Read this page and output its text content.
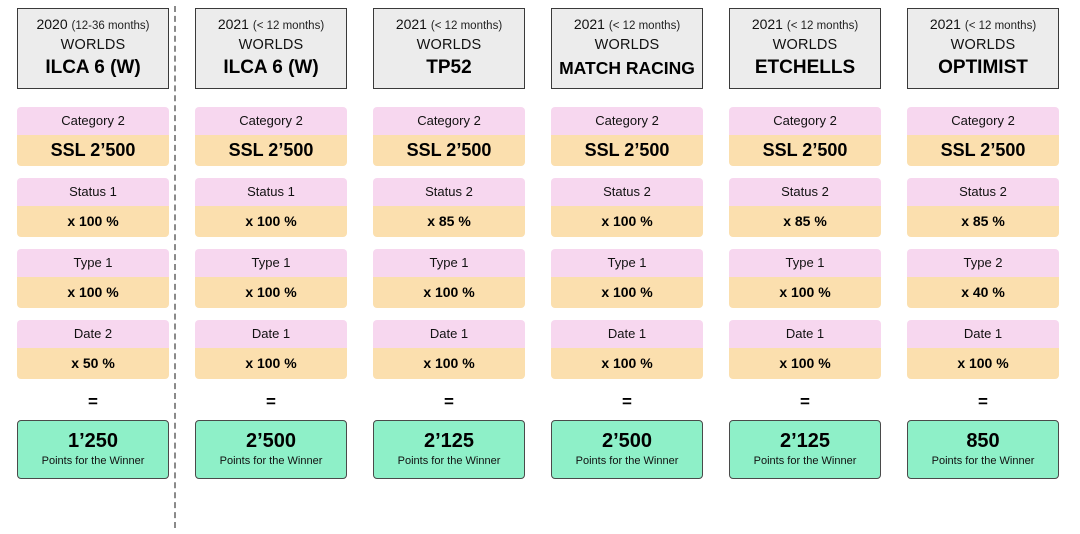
2020 (12-36 months)
WORLDS
ILCA 6 (W)
Category 2
SSL 2’500
Status 1
x 100 %
Type 1
x 100 %
Date 2
x 50 %
=
1’250
Points for the Winner
2021 (< 12 months)
WORLDS
ILCA 6 (W)
Category 2
SSL 2’500
Status 1
x 100 %
Type 1
x 100 %
Date 1
x 100 %
=
2’500
Points for the Winner
2021 (< 12 months)
WORLDS
TP52
Category 2
SSL 2’500
Status 2
x 85 %
Type 1
x 100 %
Date 1
x 100 %
=
2’125
Points for the Winner
2021 (< 12 months)
WORLDS
MATCH RACING
Category 2
SSL 2’500
Status 2
x 100 %
Type 1
x 100 %
Date 1
x 100 %
=
2’500
Points for the Winner
2021 (< 12 months)
WORLDS
ETCHELLS
Category 2
SSL 2’500
Status 2
x 85 %
Type 1
x 100 %
Date 1
x 100 %
=
2’125
Points for the Winner
2021 (< 12 months)
WORLDS
OPTIMIST
Category 2
SSL 2’500
Status 2
x 85 %
Type 2
x 40 %
Date 1
x 100 %
=
850
Points for the Winner
